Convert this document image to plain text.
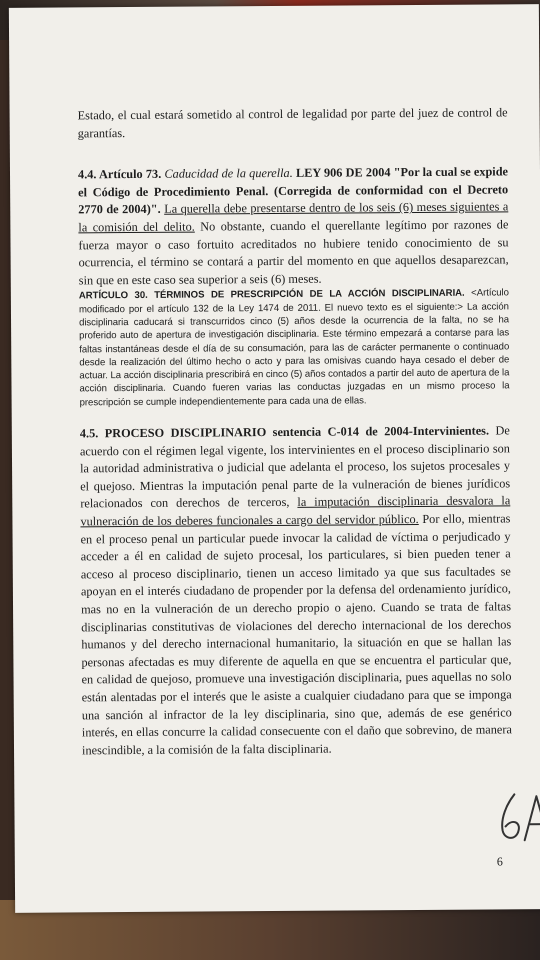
Estado, el cual estará sometido al control de legalidad por parte del juez de control de garantías.

4.4. Artículo 73. Caducidad de la querella. LEY 906 DE 2004 "Por la cual se expide el Código de Procedimiento Penal. (Corregida de conformidad con el Decreto 2770 de 2004)". La querella debe presentarse dentro de los seis (6) meses siguientes a la comisión del delito. No obstante, cuando el querellante legítimo por razones de fuerza mayor o caso fortuito acreditados no hubiere tenido conocimiento de su ocurrencia, el término se contará a partir del momento en que aquellos desaparezcan, sin que en este caso sea superior a seis (6) meses.

ARTÍCULO 30. TÉRMINOS DE PRESCRIPCIÓN DE LA ACCIÓN DISCIPLINARIA. <Artículo modificado por el artículo 132 de la Ley 1474 de 2011. El nuevo texto es el siguiente:> La acción disciplinaria caducará si transcurridos cinco (5) años desde la ocurrencia de la falta, no se ha proferido auto de apertura de investigación disciplinaria. Este término empezará a contarse para las faltas instantáneas desde el día de su consumación, para las de carácter permanente o continuado desde la realización del último hecho o acto y para las omisivas cuando haya cesado el deber de actuar. La acción disciplinaria prescribirá en cinco (5) años contados a partir del auto de apertura de la acción disciplinaria. Cuando fueren varias las conductas juzgadas en un mismo proceso la prescripción se cumple independientemente para cada una de ellas.

4.5. PROCESO DISCIPLINARIO sentencia C-014 de 2004-Intervinientes. De acuerdo con el régimen legal vigente, los intervinientes en el proceso disciplinario son la autoridad administrativa o judicial que adelanta el proceso, los sujetos procesales y el quejoso. Mientras la imputación penal parte de la vulneración de bienes jurídicos relacionados con derechos de terceros, la imputación disciplinaria desvalora la vulneración de los deberes funcionales a cargo del servidor público. Por ello, mientras en el proceso penal un particular puede invocar la calidad de víctima o perjudicado y acceder a él en calidad de sujeto procesal, los particulares, si bien pueden tener a acceso al proceso disciplinario, tienen un acceso limitado ya que sus facultades se apoyan en el interés ciudadano de propender por la defensa del ordenamiento jurídico, mas no en la vulneración de un derecho propio o ajeno. Cuando se trata de faltas disciplinarias constitutivas de violaciones del derecho internacional de los derechos humanos y del derecho internacional humanitario, la situación en que se hallan las personas afectadas es muy diferente de aquella en que se encuentra el particular que, en calidad de quejoso, promueve una investigación disciplinaria, pues aquellas no solo están alentadas por el interés que le asiste a cualquier ciudadano para que se imponga una sanción al infractor de la ley disciplinaria, sino que, además de ese genérico interés, en ellas concurre la calidad consecuente con el daño que sobrevino, de manera inescindible, a la comisión de la falta disciplinaria.

6
